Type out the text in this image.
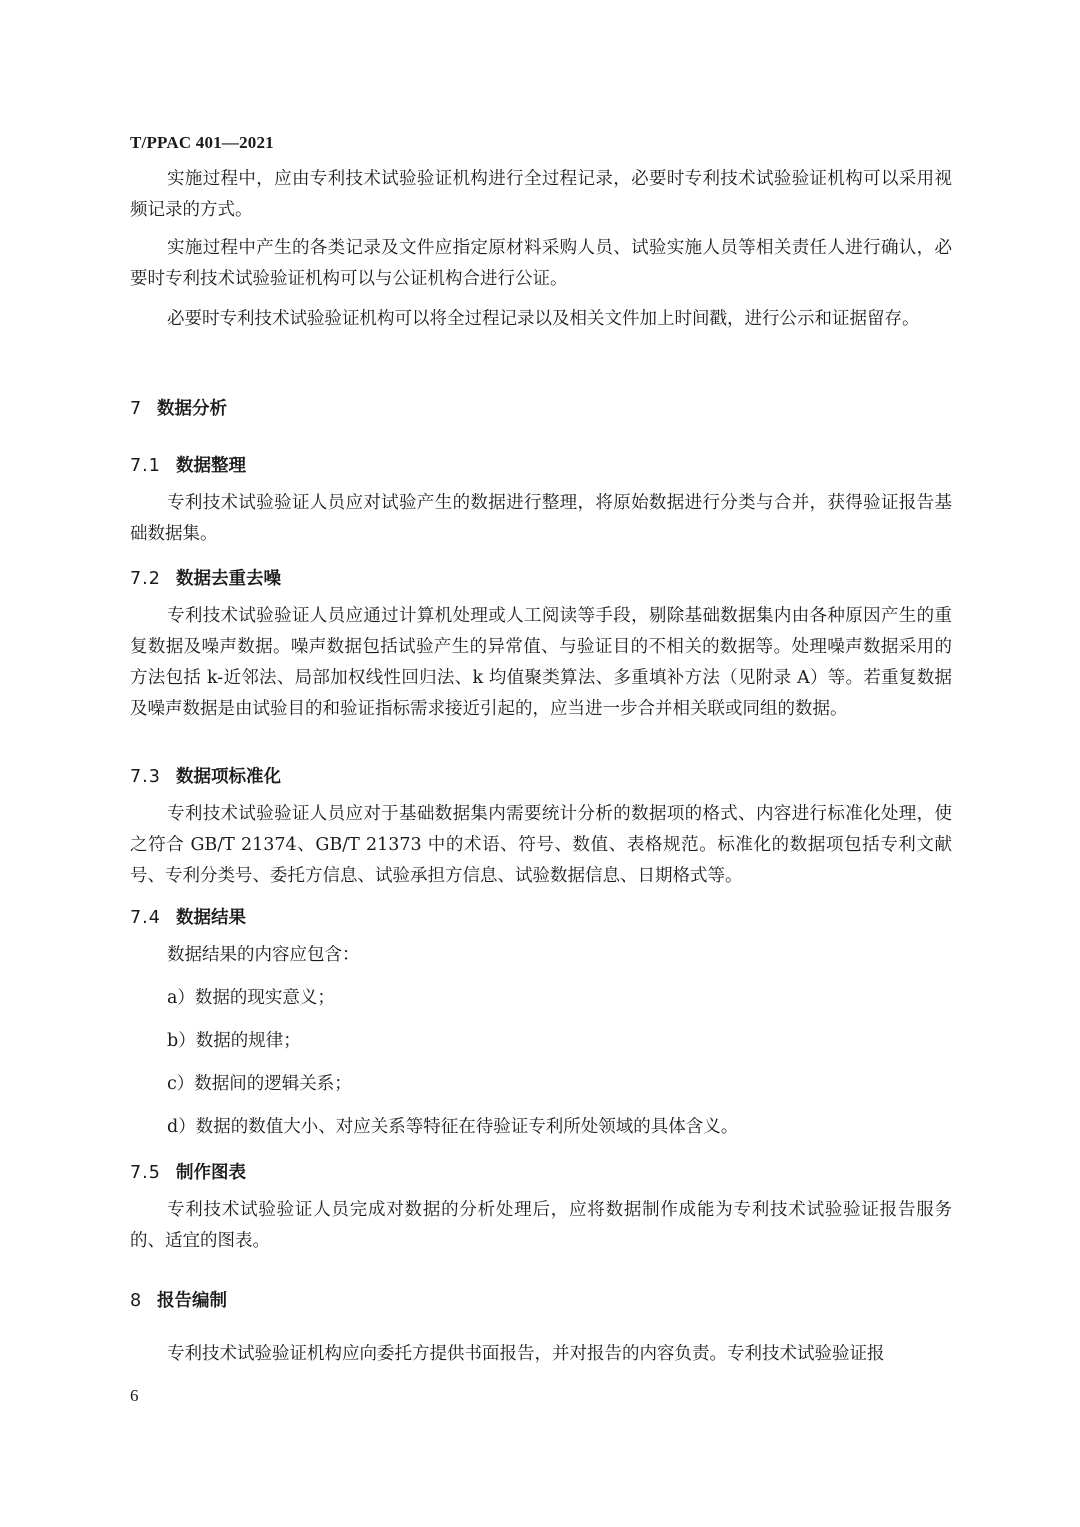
T/PPAC 401—2021

实施过程中，应由专利技术试验验证机构进行全过程记录，必要时专利技术试验验证机构可以采用视频记录的方式。

实施过程中产生的各类记录及文件应指定原材料采购人员、试验实施人员等相关责任人进行确认，必要时专利技术试验验证机构可以与公证机构合进行公证。

必要时专利技术试验验证机构可以将全过程记录以及相关文件加上时间戳，进行公示和证据留存。

7 数据分析
7.1 数据整理

专利技术试验验证人员应对试验产生的数据进行整理，将原始数据进行分类与合并，获得验证报告基础数据集。

7.2 数据去重去噪

专利技术试验验证人员应通过计算机处理或人工阅读等手段，剔除基础数据集内由各种原因产生的重复数据及噪声数据。噪声数据包括试验产生的异常值、与验证目的不相关的数据等。处理噪声数据采用的方法包括 k-近邻法、局部加权线性回归法、k 均值聚类算法、多重填补方法（见附录 A）等。若重复数据及噪声数据是由试验目的和验证指标需求接近引起的，应当进一步合并相关联或同组的数据。

7.3 数据项标准化

专利技术试验验证人员应对于基础数据集内需要统计分析的数据项的格式、内容进行标准化处理，使之符合 GB/T 21374、GB/T 21373 中的术语、符号、数值、表格规范。标准化的数据项包括专利文献号、专利分类号、委托方信息、试验承担方信息、试验数据信息、日期格式等。

7.4 数据结果

数据结果的内容应包含：

a）数据的现实意义；

b）数据的规律；

c）数据间的逻辑关系；

d）数据的数值大小、对应关系等特征在待验证专利所处领域的具体含义。

7.5 制作图表

专利技术试验验证人员完成对数据的分析处理后，应将数据制作成能为专利技术试验验证报告服务的、适宜的图表。

8 报告编制

专利技术试验验证机构应向委托方提供书面报告，并对报告的内容负责。专利技术试验验证报

6
